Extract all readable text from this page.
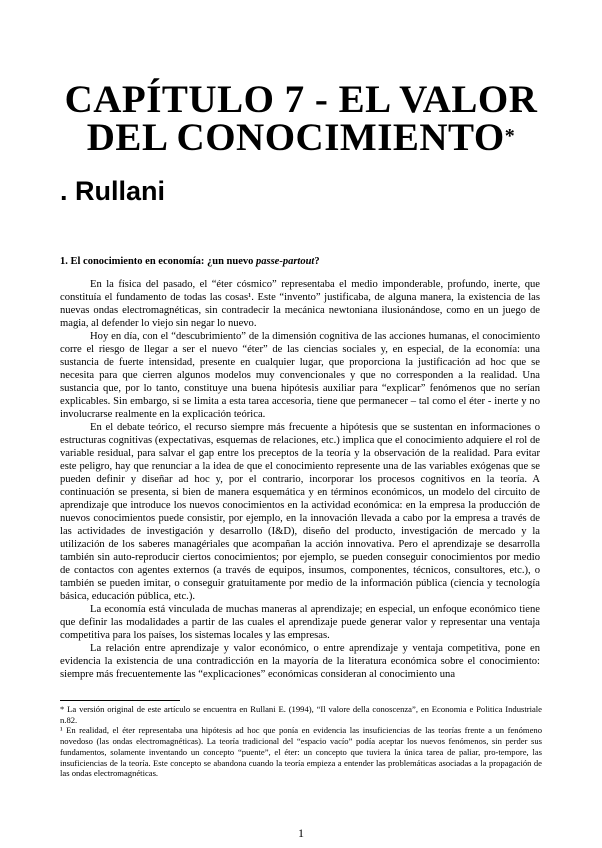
CAPÍTULO 7 - EL VALOR
DEL CONOCIMIENTO*
. Rullani
1. El conocimiento en economía: ¿un nuevo passe-partout?

En la física del pasado, el “éter cósmico” representaba el medio imponderable, profundo, inerte, que constituía el fundamento de todas las cosas¹. Este “invento” justificaba, de alguna manera, la existencia de las nuevas ondas electromagnéticas, sin contradecir la mecánica newtoniana ilusionándose, como en un juego de magia, al defender lo viejo sin negar lo nuevo.

Hoy en día, con el “descubrimiento” de la dimensión cognitiva de las acciones humanas, el conocimiento corre el riesgo de llegar a ser el nuevo “éter” de las ciencias sociales y, en especial, de la economía: una sustancia de fuerte intensidad, presente en cualquier lugar, que proporciona la justificación ad hoc que se necesita para que cierren algunos modelos muy convencionales y que no corresponden a la realidad. Una sustancia que, por lo tanto, constituye una buena hipótesis auxiliar para “explicar” fenómenos que no serían explicables. Sin embargo, si se limita a esta tarea accesoria, tiene que permanecer – tal como el éter - inerte y no involucrarse realmente en la explicación teórica.

En el debate teórico, el recurso siempre más frecuente a hipótesis que se sustentan en informaciones o estructuras cognitivas (expectativas, esquemas de relaciones, etc.) implica que el conocimiento adquiere el rol de variable residual, para salvar el gap entre los preceptos de la teoría y la observación de la realidad. Para evitar este peligro, hay que renunciar a la idea de que el conocimiento represente una de las variables exógenas que se pueden definir y diseñar ad hoc y, por el contrario, incorporar los procesos cognitivos en la teoría. A continuación se presenta, si bien de manera esquemática y en términos económicos, un modelo del circuito de aprendizaje que introduce los nuevos conocimientos en la actividad económica: en la empresa la producción de nuevos conocimientos puede consistir, por ejemplo, en la innovación llevada a cabo por la empresa a través de las actividades de investigación y desarrollo (I&D), diseño del producto, investigación de mercado y la utilización de los saberes managériales que acompañan la acción innovativa. Pero el aprendizaje se desarrolla también sin auto-reproducir ciertos conocimientos; por ejemplo, se pueden conseguir conocimientos por medio de contactos con agentes externos (a través de equipos, insumos, componentes, técnicos, consultores, etc.), o también se pueden imitar, o conseguir gratuitamente por medio de la información pública (ciencia y tecnología básica, educación pública, etc.).

La economía está vinculada de muchas maneras al aprendizaje; en especial, un enfoque económico tiene que definir las modalidades a partir de las cuales el aprendizaje puede generar valor y representar una ventaja competitiva para los países, los sistemas locales y las empresas.

La relación entre aprendizaje y valor económico, o entre aprendizaje y ventaja competitiva, pone en evidencia la existencia de una contradicción en la mayoría de la literatura económica sobre el conocimiento: siempre más frecuentemente las “explicaciones” económicas consideran al conocimiento una

* La versión original de este artículo se encuentra en Rullani E. (1994), “Il valore della conoscenza”, en Economia e Politica Industriale n.82.

¹ En realidad, el éter representaba una hipótesis ad hoc que ponía en evidencia las insuficiencias de las teorías frente a un fenómeno novedoso (las ondas electromagnéticas). La teoría tradicional del “espacio vacío” podía aceptar los nuevos fenómenos, sin perder sus fundamentos, solamente inventando un concepto “puente”, el éter: un concepto que tuviera la única tarea de paliar, pro-tempore, las insuficiencias de la teoría. Este concepto se abandona cuando la teoría empieza a entender las problemáticas asociadas a la propagación de las ondas electromagnéticas.

1
